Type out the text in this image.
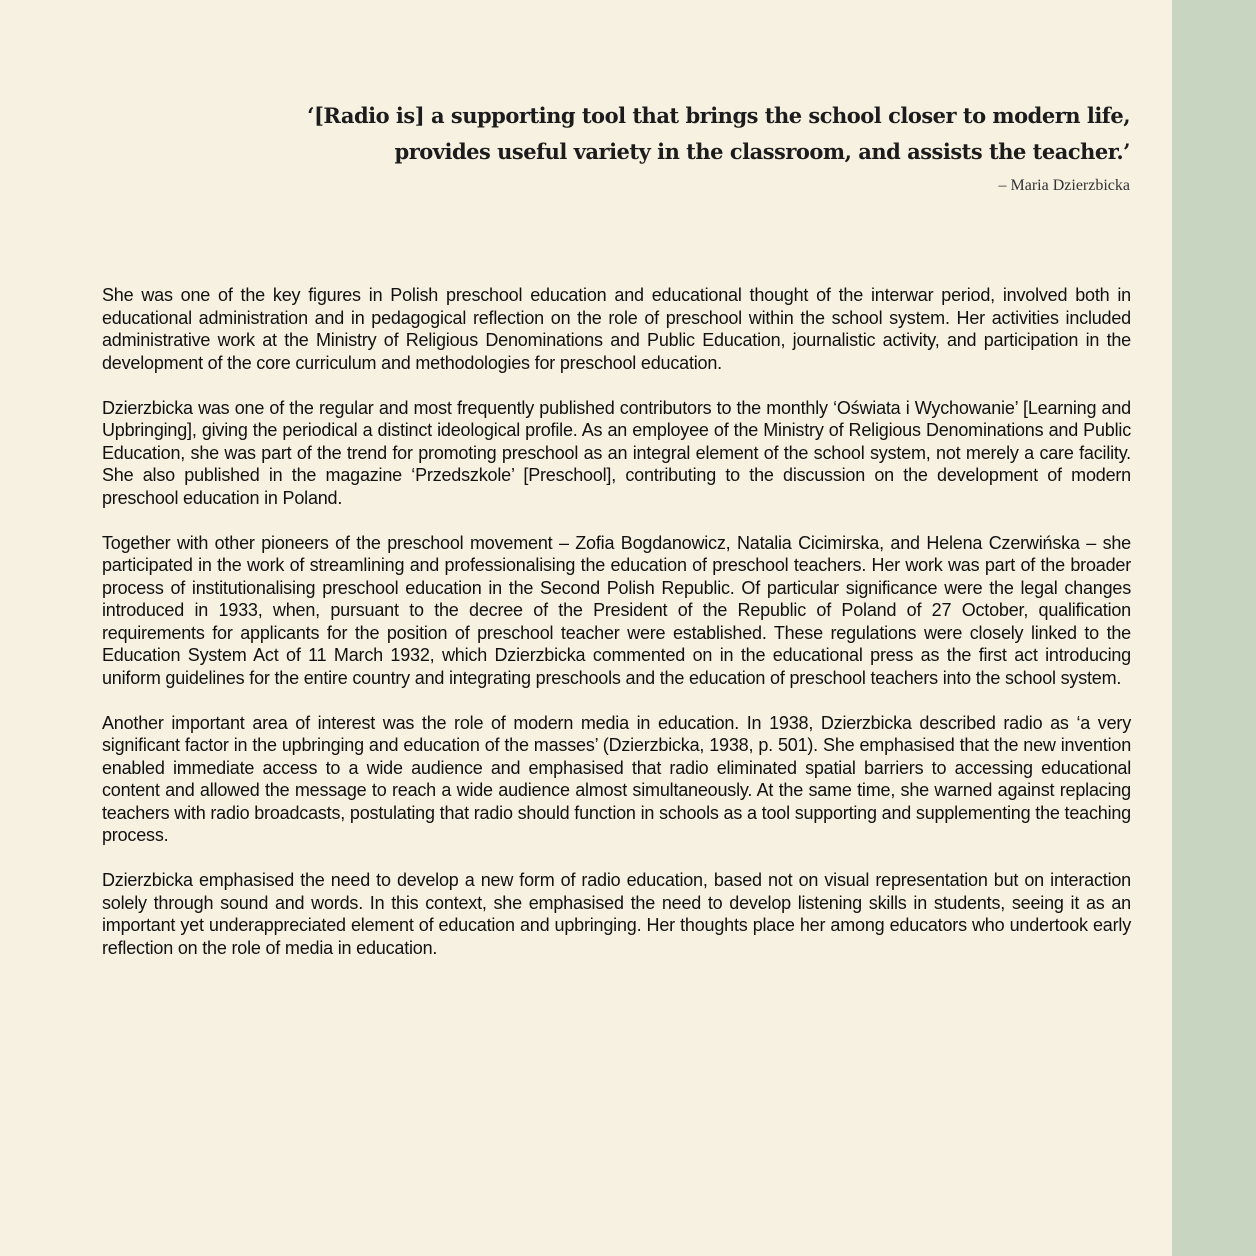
‘[Radio is] a supporting tool that brings the school closer to modern life,
provides useful variety in the classroom, and assists the teacher.’
– Maria Dzierzbicka

She was one of the key figures in Polish preschool education and educational thought of the interwar period, involved both in educational administration and in pedagogical reflection on the role of preschool within the school system. Her activities included administrative work at the Ministry of Religious Denominations and Public Education, journalistic activity, and participation in the development of the core curriculum and methodologies for preschool education.

Dzierzbicka was one of the regular and most frequently published contributors to the monthly ‘Oświata i Wychowanie’ [Learning and Upbringing], giving the periodical a distinct ideological profile. As an employee of the Ministry of Religious Denominations and Public Education, she was part of the trend for promoting preschool as an integral element of the school system, not merely a care facility. She also published in the magazine ‘Przedszkole’ [Preschool], contributing to the discussion on the development of modern preschool education in Poland.

Together with other pioneers of the preschool movement – Zofia Bogdanowicz, Natalia Cicimirska, and Helena Czerwińska – she participated in the work of streamlining and professionalising the education of preschool teachers. Her work was part of the broader process of institutionalising preschool education in the Second Polish Republic. Of particular significance were the legal changes introduced in 1933, when, pursuant to the decree of the President of the Republic of Poland of 27 October, qualification requirements for applicants for the position of preschool teacher were established. These regulations were closely linked to the Education System Act of 11 March 1932, which Dzierzbicka commented on in the educational press as the first act introducing uniform guidelines for the entire country and integrating preschools and the education of preschool teachers into the school system.

Another important area of interest was the role of modern media in education. In 1938, Dzierzbicka described radio as ‘a very significant factor in the upbringing and education of the masses’ (Dzierzbicka, 1938, p. 501). She emphasised that the new invention enabled immediate access to a wide audience and emphasised that radio eliminated spatial barriers to accessing educational content and allowed the message to reach a wide audience almost simultaneously. At the same time, she warned against replacing teachers with radio broadcasts, postulating that radio should function in schools as a tool supporting and supplementing the teaching process.

Dzierzbicka emphasised the need to develop a new form of radio education, based not on visual representation but on interaction solely through sound and words. In this context, she emphasised the need to develop listening skills in students, seeing it as an important yet underappreciated element of education and upbringing. Her thoughts place her among educators who undertook early reflection on the role of media in education.
